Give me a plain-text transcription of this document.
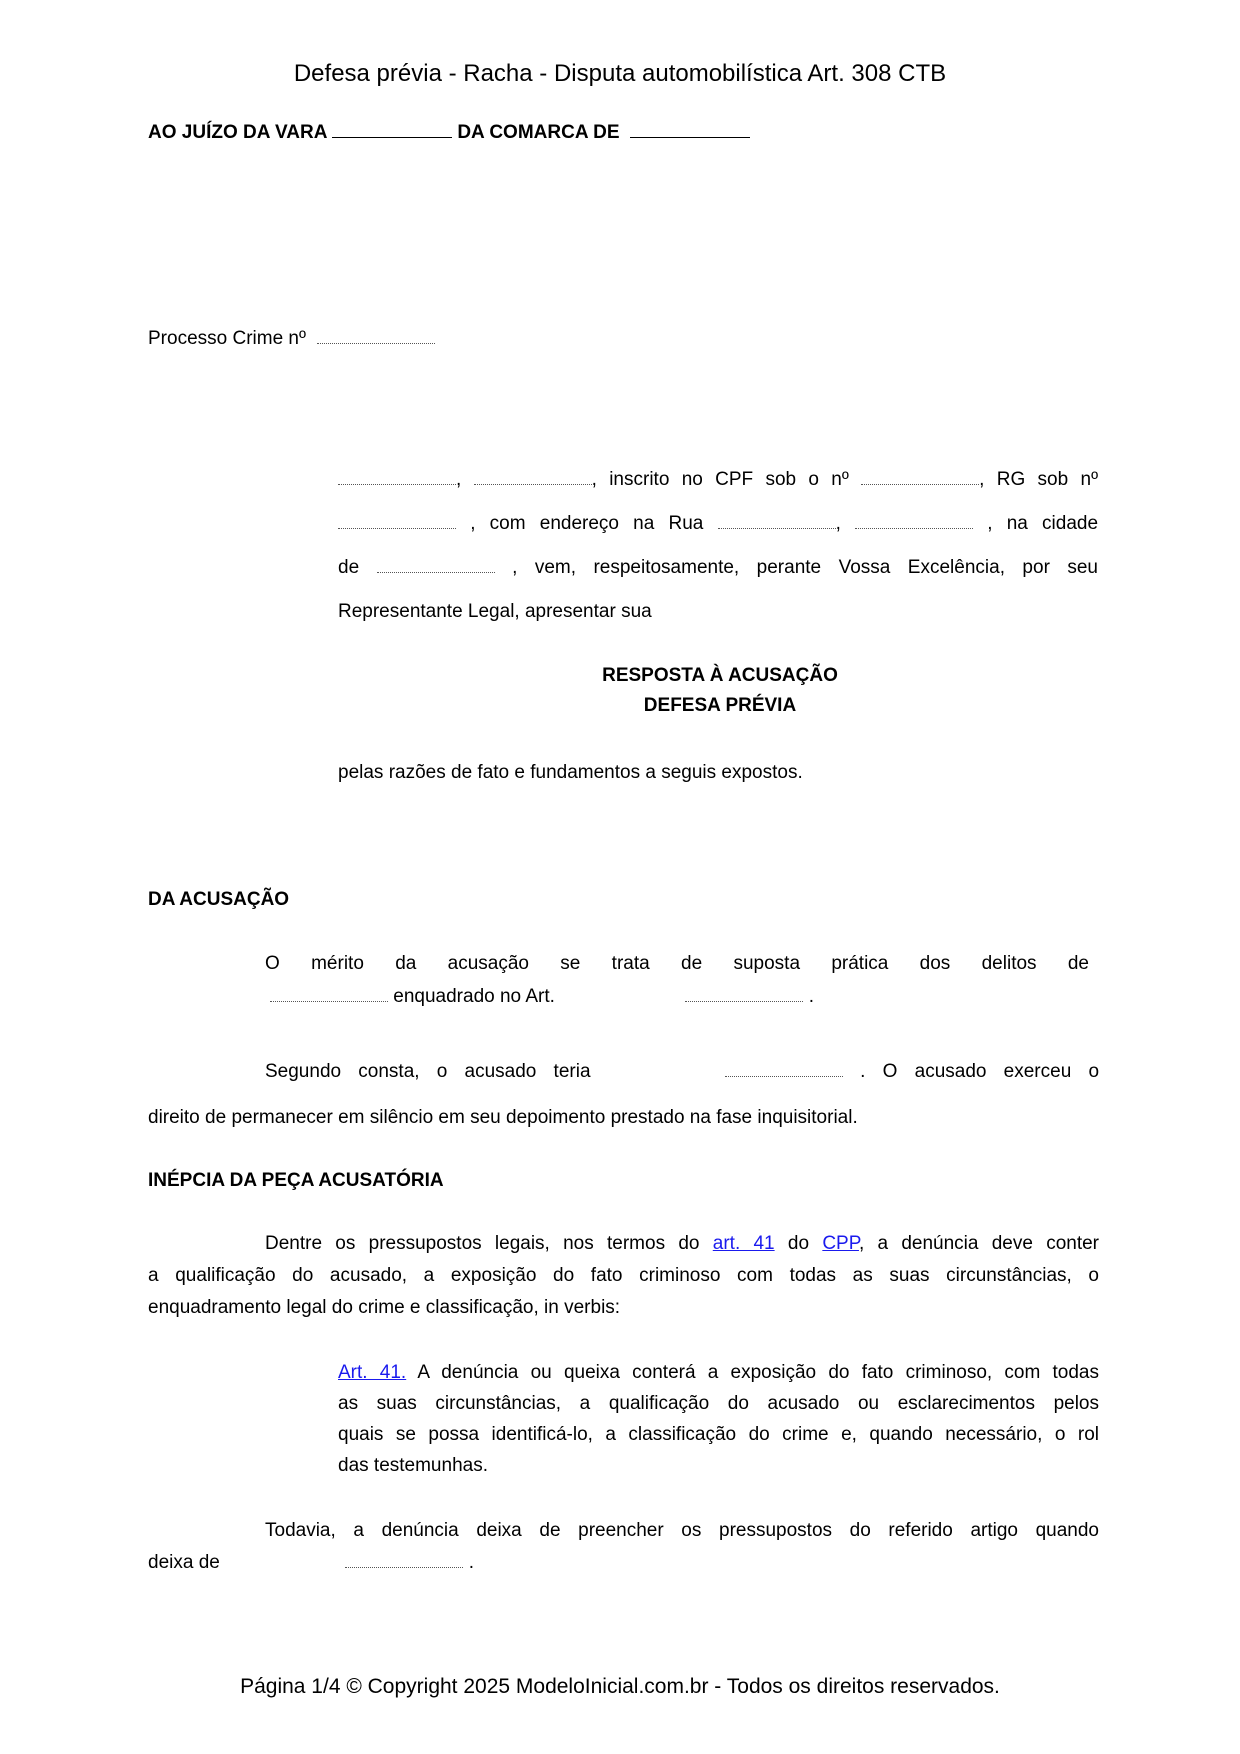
Defesa prévia - Racha - Disputa automobilística Art. 308 CTB
AO JUÍZO DA VARA	DA COMARCA DE
Processo Crime nº
,	, inscrito no CPF sob o nº	, RG sob nº
, com endereço na Rua	,	, na cidade
de	, vem, respeitosamente, perante Vossa Excelência, por seu
Representante Legal, apresentar sua
RESPOSTA À ACUSAÇÃO
DEFESA PRÉVIA
pelas razões de fato e fundamentos a seguis expostos.
DA ACUSAÇÃO
O mérito da acusação se trata de suposta prática dos delitos de
enquadrado no Art.	.
Segundo consta, o acusado teria	. O acusado exerceu o
direito de permanecer em silêncio em seu depoimento prestado na fase inquisitorial.
INÉPCIA DA PEÇA ACUSATÓRIA
Dentre os pressupostos legais, nos termos do art. 41 do CPP, a denúncia deve conter
a qualificação do acusado, a exposição do fato criminoso com todas as suas circunstâncias, o
enquadramento legal do crime e classificação, in verbis:
Art. 41. A denúncia ou queixa conterá a exposição do fato criminoso, com todas
as suas circunstâncias, a qualificação do acusado ou esclarecimentos pelos
quais se possa identificá-lo, a classificação do crime e, quando necessário, o rol
das testemunhas.
Todavia, a denúncia deixa de preencher os pressupostos do referido artigo quando
deixa de	.
Página 1/4 © Copyright 2025 ModeloInicial.com.br - Todos os direitos reservados.
